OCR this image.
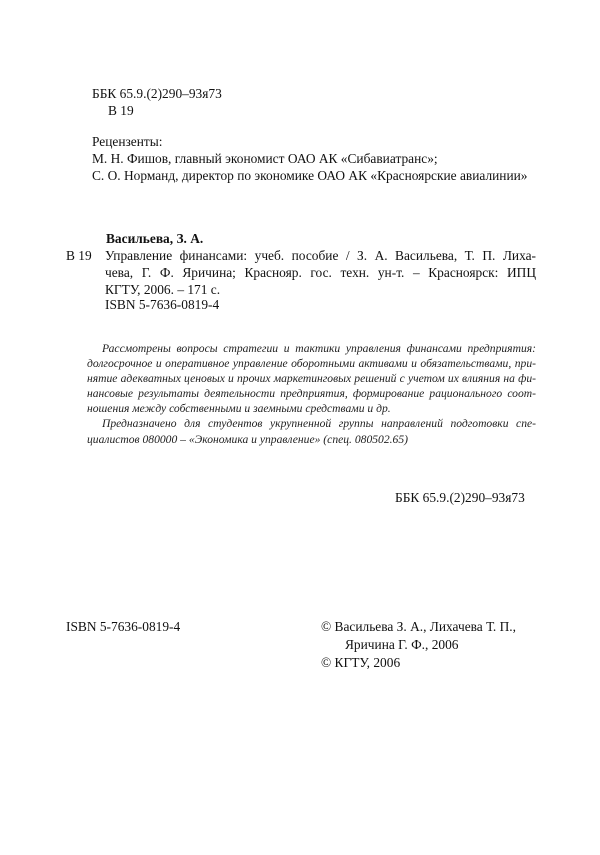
ББК 65.9.(2)290–93я73
В 19
Рецензенты:
М. Н. Фишов, главный экономист ОАО АК «Сибавиатранс»;
С. О. Норманд, директор по экономике ОАО АК «Красноярские авиалинии»
Васильева, З. А.
В 19 Управление финансами: учеб. пособие / З. А. Васильева, Т. П. Лиха-
чева, Г. Ф. Яричина; Краснояр. гос. техн. ун-т. – Красноярск: ИПЦ
КГТУ, 2006. – 171 с.
ISBN 5-7636-0819-4
Рассмотрены вопросы стратегии и тактики управления финансами предприятия:
долгосрочное и оперативное управление оборотными активами и обязательствами, при-
нятие адекватных ценовых и прочих маркетинговых решений с учетом их влияния на фи-
нансовые результаты деятельности предприятия, формирование рационального соот-
ношения между собственными и заемными средствами и др.
Предназначено для студентов укрупненной группы направлений подготовки спе-
циалистов 080000 – «Экономика и управление» (спец. 080502.65)
ББК 65.9.(2)290–93я73
ISBN 5-7636-0819-4	© Васильева З. А., Лихачева Т. П.,
Яричина Г. Ф., 2006
© КГТУ, 2006
